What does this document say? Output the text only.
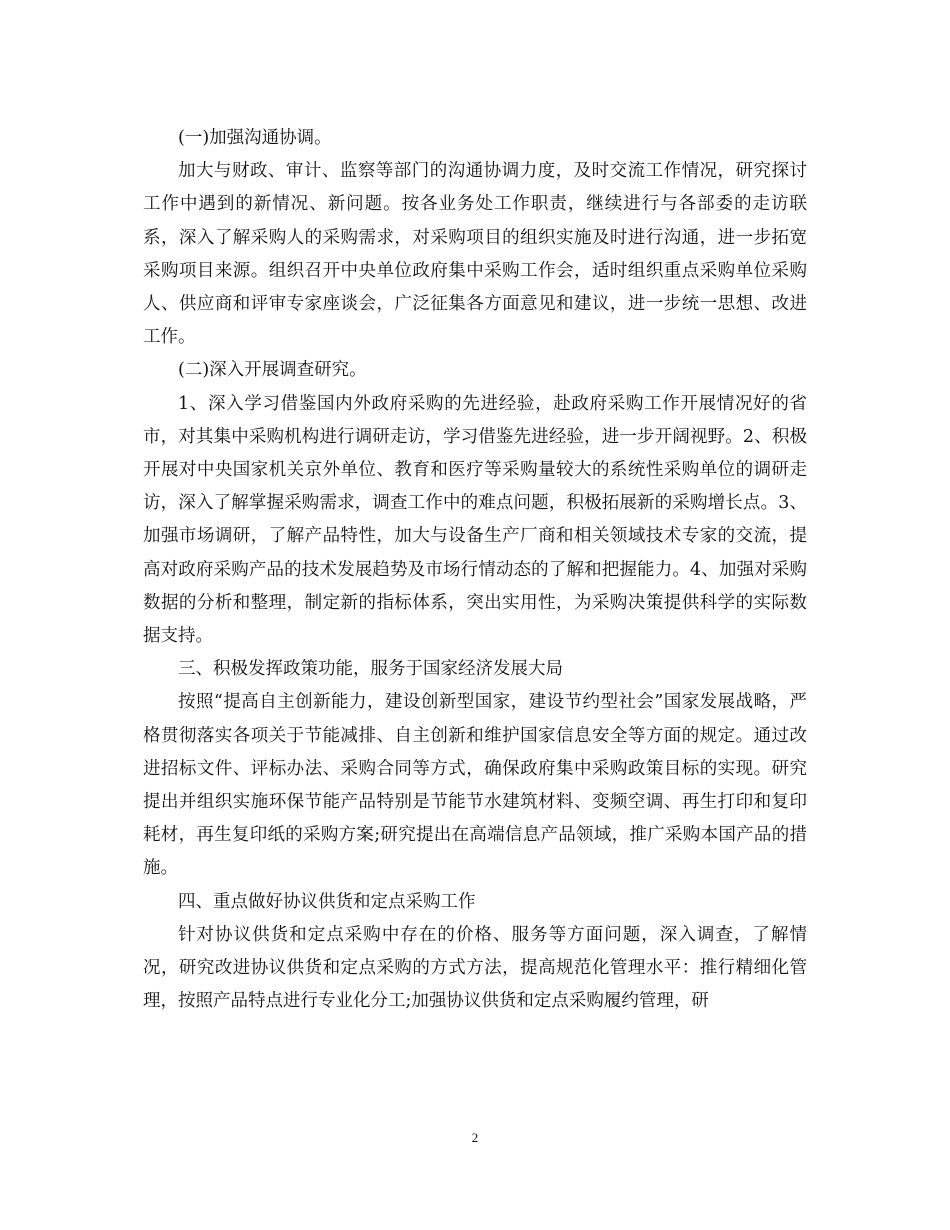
(一)加强沟通协调。

加大与财政、审计、监察等部门的沟通协调力度，及时交流工作情况，研究探讨工作中遇到的新情况、新问题。按各业务处工作职责，继续进行与各部委的走访联系，深入了解采购人的采购需求，对采购项目的组织实施及时进行沟通，进一步拓宽采购项目来源。组织召开中央单位政府集中采购工作会，适时组织重点采购单位采购人、供应商和评审专家座谈会，广泛征集各方面意见和建议，进一步统一思想、改进工作。

(二)深入开展调查研究。

1、深入学习借鉴国内外政府采购的先进经验，赴政府采购工作开展情况好的省市，对其集中采购机构进行调研走访，学习借鉴先进经验，进一步开阔视野。2、积极开展对中央国家机关京外单位、教育和医疗等采购量较大的系统性采购单位的调研走访，深入了解掌握采购需求，调查工作中的难点问题，积极拓展新的采购增长点。3、加强市场调研，了解产品特性，加大与设备生产厂商和相关领域技术专家的交流，提高对政府采购产品的技术发展趋势及市场行情动态的了解和把握能力。4、加强对采购数据的分析和整理，制定新的指标体系，突出实用性，为采购决策提供科学的实际数据支持。

三、积极发挥政策功能，服务于国家经济发展大局

按照“提高自主创新能力，建设创新型国家，建设节约型社会”国家发展战略，严格贯彻落实各项关于节能减排、自主创新和维护国家信息安全等方面的规定。通过改进招标文件、评标办法、采购合同等方式，确保政府集中采购政策目标的实现。研究提出并组织实施环保节能产品特别是节能节水建筑材料、变频空调、再生打印和复印耗材，再生复印纸的采购方案;研究提出在高端信息产品领域，推广采购本国产品的措施。

四、重点做好协议供货和定点采购工作

针对协议供货和定点采购中存在的价格、服务等方面问题，深入调查，了解情况，研究改进协议供货和定点采购的方式方法，提高规范化管理水平：推行精细化管理，按照产品特点进行专业化分工;加强协议供货和定点采购履约管理，研

2
